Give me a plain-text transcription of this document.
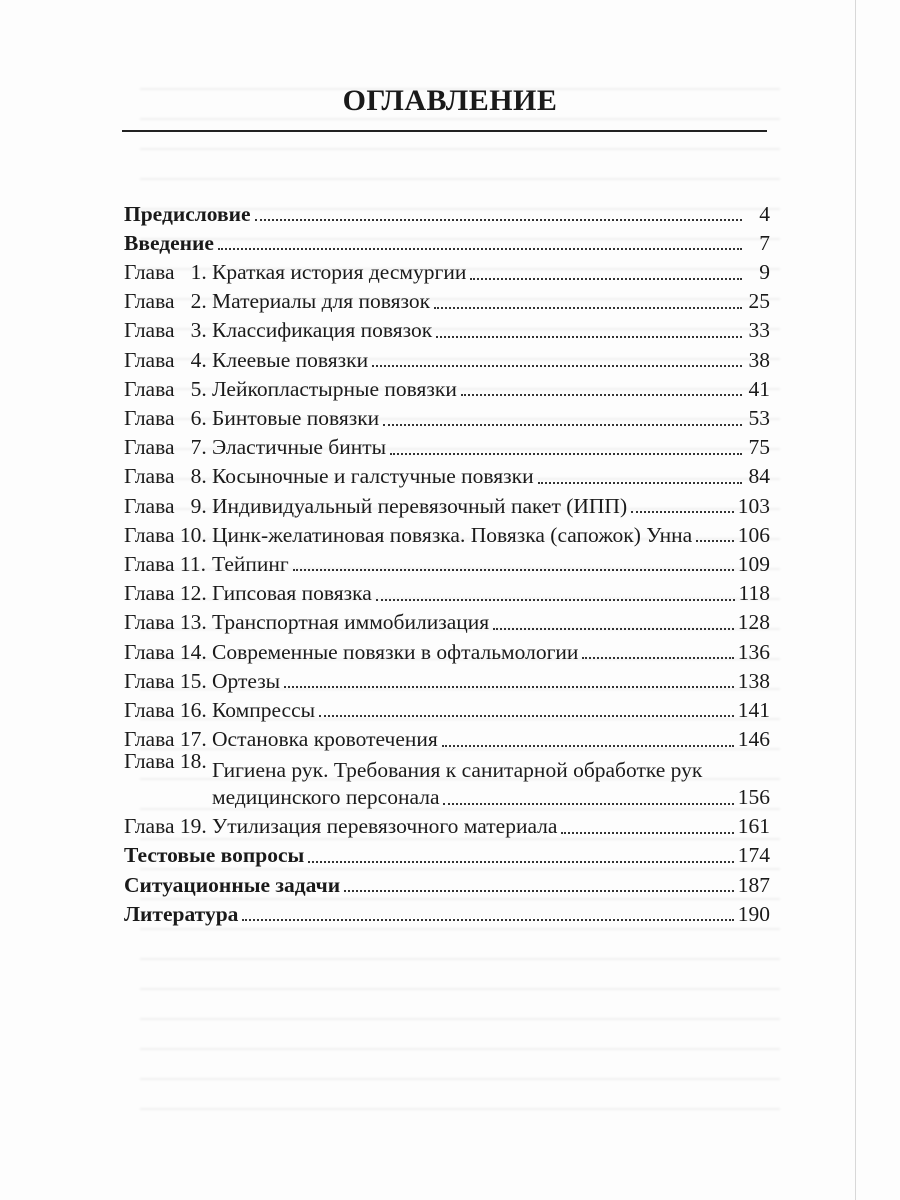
ОГЛАВЛЕНИЕ
Предисловие	4
Введение	7
Глава   1. Краткая история десмургии	9
Глава   2. Материалы для повязок	25
Глава   3. Классификация повязок	33
Глава   4. Клеевые повязки	38
Глава   5. Лейкопластырные повязки	41
Глава   6. Бинтовые повязки	53
Глава   7. Эластичные бинты	75
Глава   8. Косыночные и галстучные повязки	84
Глава   9. Индивидуальный перевязочный пакет (ИПП)	103
Глава 10. Цинк-желатиновая повязка. Повязка (сапожок) Унна 106
Глава 11. Тейпинг	109
Глава 12. Гипсовая повязка	118
Глава 13. Транспортная иммобилизация	128
Глава 14. Современные повязки в офтальмологии	136
Глава 15. Ортезы	138
Глава 16. Компрессы	141
Глава 17. Остановка кровотечения	146
Глава 18. Гигиена рук. Требования к санитарной обработке рук
медицинского персонала	156
Глава 19. Утилизация перевязочного материала	161
Тестовые вопросы	174
Ситуационные задачи	187
Литература	190
